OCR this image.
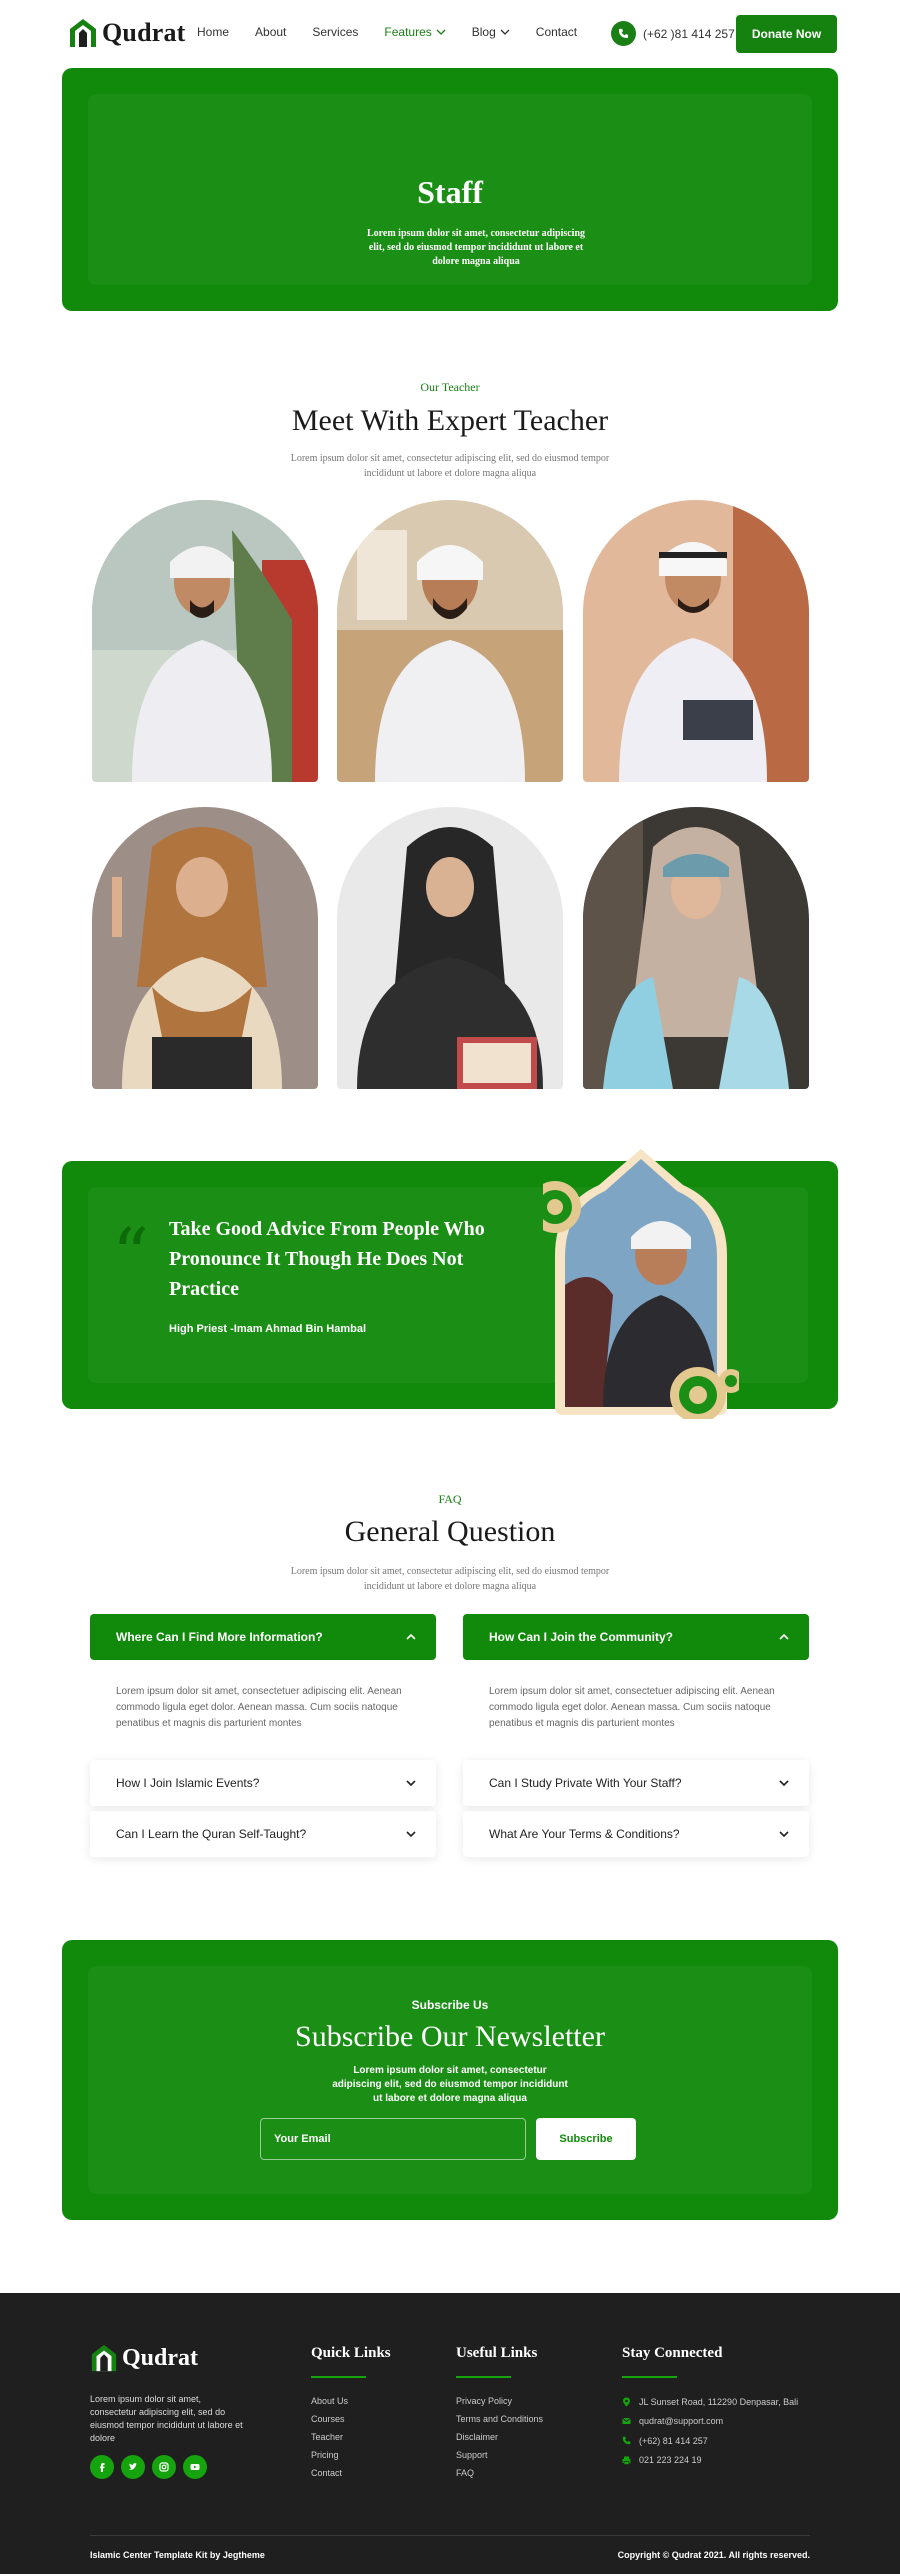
Qudrat Home About Services Features	Blog	Contact	(+62 )81 414 257	Donate Now
Staff

Lorem ipsum dolor sit amet, consectetur adipiscing elit, sed do eiusmod tempor incididunt ut labore et dolore magna aliqua

Our Teacher
Meet With Expert Teacher
Lorem ipsum dolor sit amet, consectetur adipiscing elit, sed do eiusmod tempor incididunt ut labore et dolore magna aliqua
“ Take Good Advice From People Who Pronounce It Though He Does Not Practice
High Priest -Imam Ahmad Bin Hambal
FAQ
General Question
Lorem ipsum dolor sit amet, consectetur adipiscing elit, sed do eiusmod tempor incididunt ut labore et dolore magna aliqua
Where Can I Find More Information?
Lorem ipsum dolor sit amet, consectetuer adipiscing elit. Aenean commodo ligula eget dolor. Aenean massa. Cum sociis natoque penatibus et magnis dis parturient montes
How I Join Islamic Events?
Can I Learn the Quran Self-Taught?
How Can I Join the Community?
Lorem ipsum dolor sit amet, consectetuer adipiscing elit. Aenean commodo ligula eget dolor. Aenean massa. Cum sociis natoque penatibus et magnis dis parturient montes
Can I Study Private With Your Staff?
What Are Your Terms & Conditions?
Subscribe Us
Subscribe Our Newsletter
Lorem ipsum dolor sit amet, consectetur adipiscing elit, sed do eiusmod tempor incididunt ut labore et dolore magna aliqua
Your Email	Subscribe
Qudrat
Lorem ipsum dolor sit amet, consectetur adipiscing elit, sed do eiusmod tempor incididunt ut labore et dolore
Quick Links
About Us
Courses
Teacher
Pricing
Contact
Useful Links
Privacy Policy
Terms and Conditions
Disclaimer
Support
FAQ
Stay Connected
JL Sunset Road, 112290 Denpasar, Bali
qudrat@support.com
(+62) 81 414 257
021 223 224 19
Islamic Center Template Kit by Jegtheme	Copyright © Qudrat 2021. All rights reserved.
